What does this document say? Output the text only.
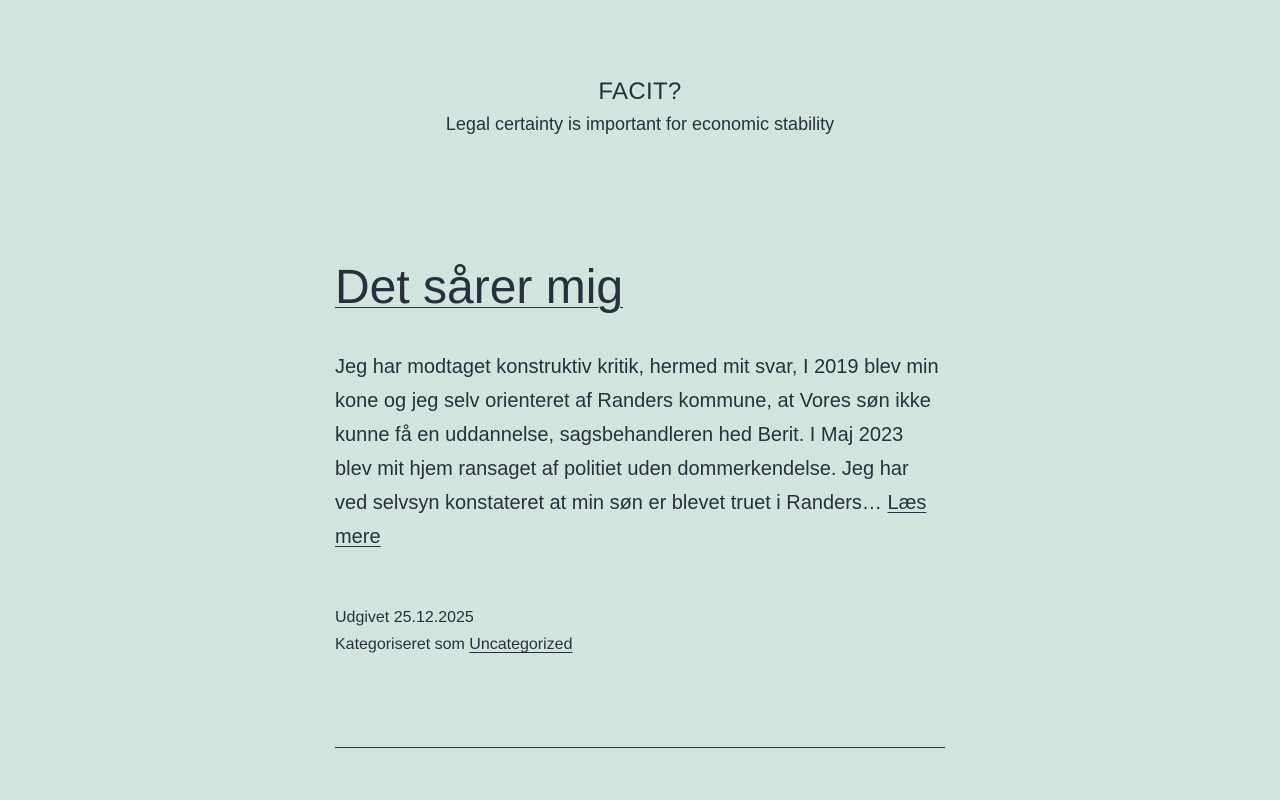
FACIT?
Legal certainty is important for economic stability
Det sårer mig

Jeg har modtaget konstruktiv kritik, hermed mit svar, I 2019 blev min kone og jeg selv orienteret af Randers kommune, at Vores søn ikke kunne få en uddannelse, sagsbehandleren hed Berit. I Maj 2023 blev mit hjem ransaget af politiet uden dommerkendelse. Jeg har ved selvsyn konstateret at min søn er blevet truet i Randers… Læs mere

Udgivet 25.12.2025
Kategoriseret som Uncategorized
